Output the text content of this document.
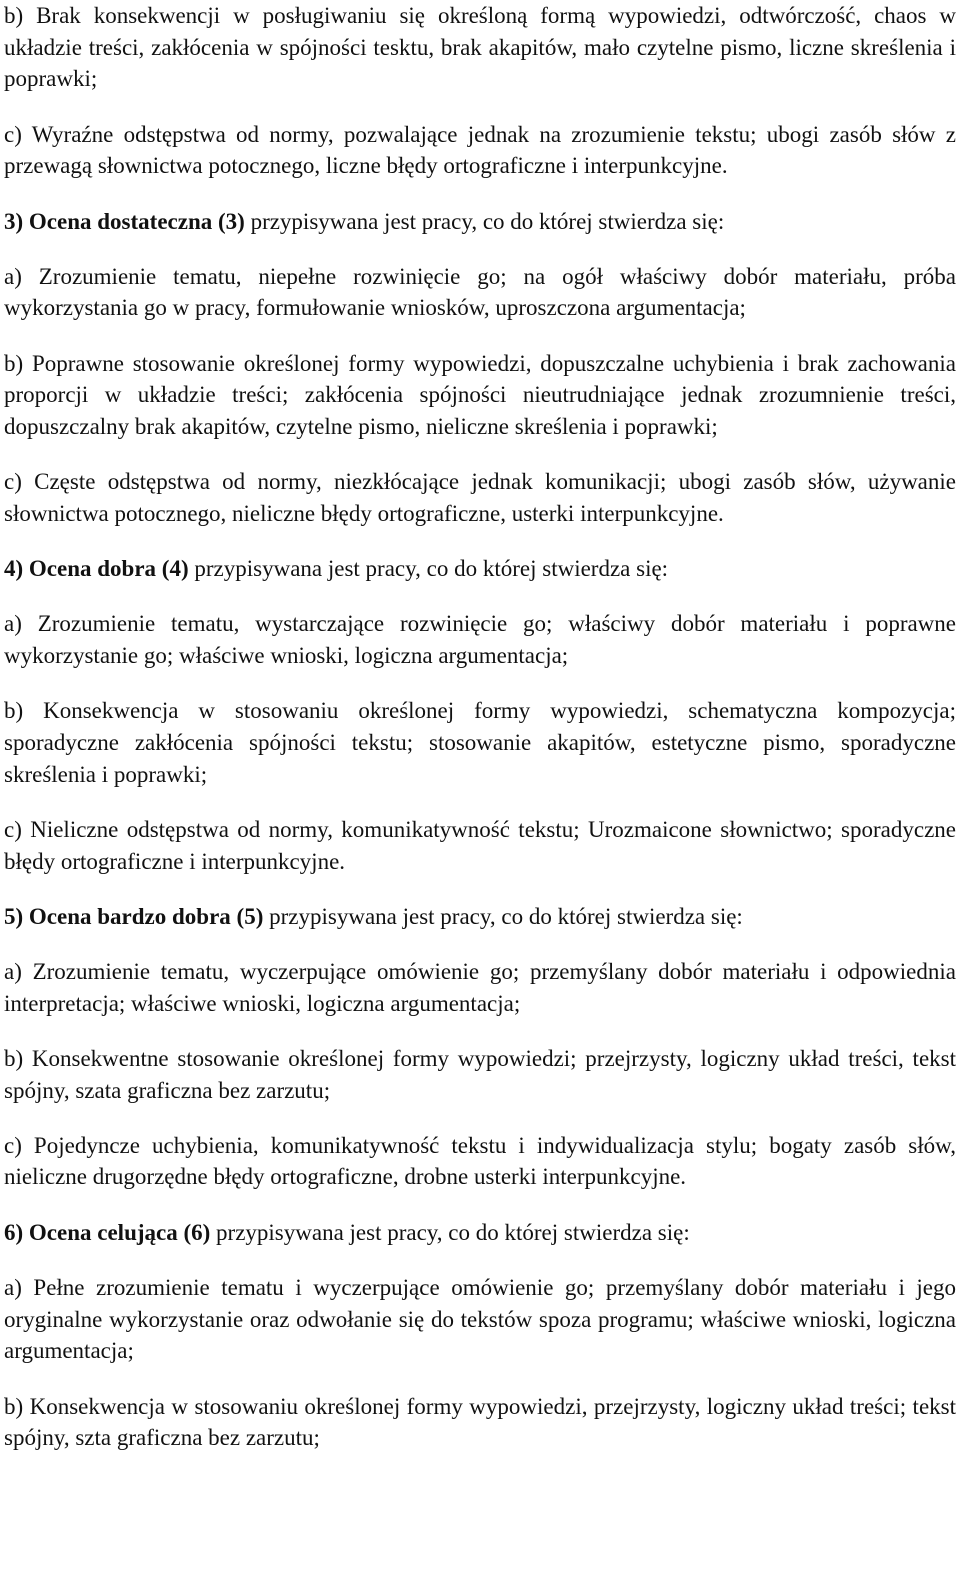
b) Brak konsekwencji w posługiwaniu się określoną formą wypowiedzi, odtwórczość, chaos w układzie treści, zakłócenia w spójności tesktu, brak akapitów, mało czytelne pismo, liczne skreślenia i poprawki;

c) Wyraźne odstępstwa od normy, pozwalające jednak na zrozumienie tekstu; ubogi zasób słów z przewagą słownictwa potocznego, liczne błędy ortograficzne i interpunkcyjne.

3) Ocena dostateczna (3) przypisywana jest pracy, co do której stwierdza się:

a) Zrozumienie tematu, niepełne rozwinięcie go; na ogół właściwy dobór materiału, próba wykorzystania go w pracy, formułowanie wniosków, uproszczona argumentacja;

b) Poprawne stosowanie określonej formy wypowiedzi, dopuszczalne uchybienia i brak zachowania proporcji w układzie treści; zakłócenia spójności nieutrudniające jednak zrozumnienie treści, dopuszczalny brak akapitów, czytelne pismo, nieliczne skreślenia i poprawki;

c) Częste odstępstwa od normy, niezkłócające jednak komunikacji; ubogi zasób słów, używanie słownictwa potocznego, nieliczne błędy ortograficzne, usterki interpunkcyjne.

4) Ocena dobra (4) przypisywana jest pracy, co do której stwierdza się:

a) Zrozumienie tematu, wystarczające rozwinięcie go; właściwy dobór materiału i poprawne wykorzystanie go; właściwe wnioski, logiczna argumentacja;

b) Konsekwencja w stosowaniu określonej formy wypowiedzi, schematyczna kompozycja; sporadyczne zakłócenia spójności tekstu; stosowanie akapitów, estetyczne pismo, sporadyczne skreślenia i poprawki;

c) Nieliczne odstępstwa od normy, komunikatywność tekstu; Urozmaicone słownictwo; sporadyczne błędy ortograficzne i interpunkcyjne.

5) Ocena bardzo dobra (5) przypisywana jest pracy, co do której stwierdza się:

a) Zrozumienie tematu, wyczerpujące omówienie go; przemyślany dobór materiału i odpowiednia interpretacja; właściwe wnioski, logiczna argumentacja;

b) Konsekwentne stosowanie określonej formy wypowiedzi; przejrzysty, logiczny układ treści, tekst spójny, szata graficzna bez zarzutu;

c) Pojedyncze uchybienia, komunikatywność tekstu i indywidualizacja stylu; bogaty zasób słów, nieliczne drugorzędne błędy ortograficzne, drobne usterki interpunkcyjne.

6) Ocena celująca (6) przypisywana jest pracy, co do której stwierdza się:

a) Pełne zrozumienie tematu i wyczerpujące omówienie go; przemyślany dobór materiału i jego oryginalne wykorzystanie oraz odwołanie się do tekstów spoza programu; właściwe wnioski, logiczna argumentacja;

b) Konsekwencja w stosowaniu określonej formy wypowiedzi, przejrzysty, logiczny układ treści; tekst spójny, szta graficzna bez zarzutu;
